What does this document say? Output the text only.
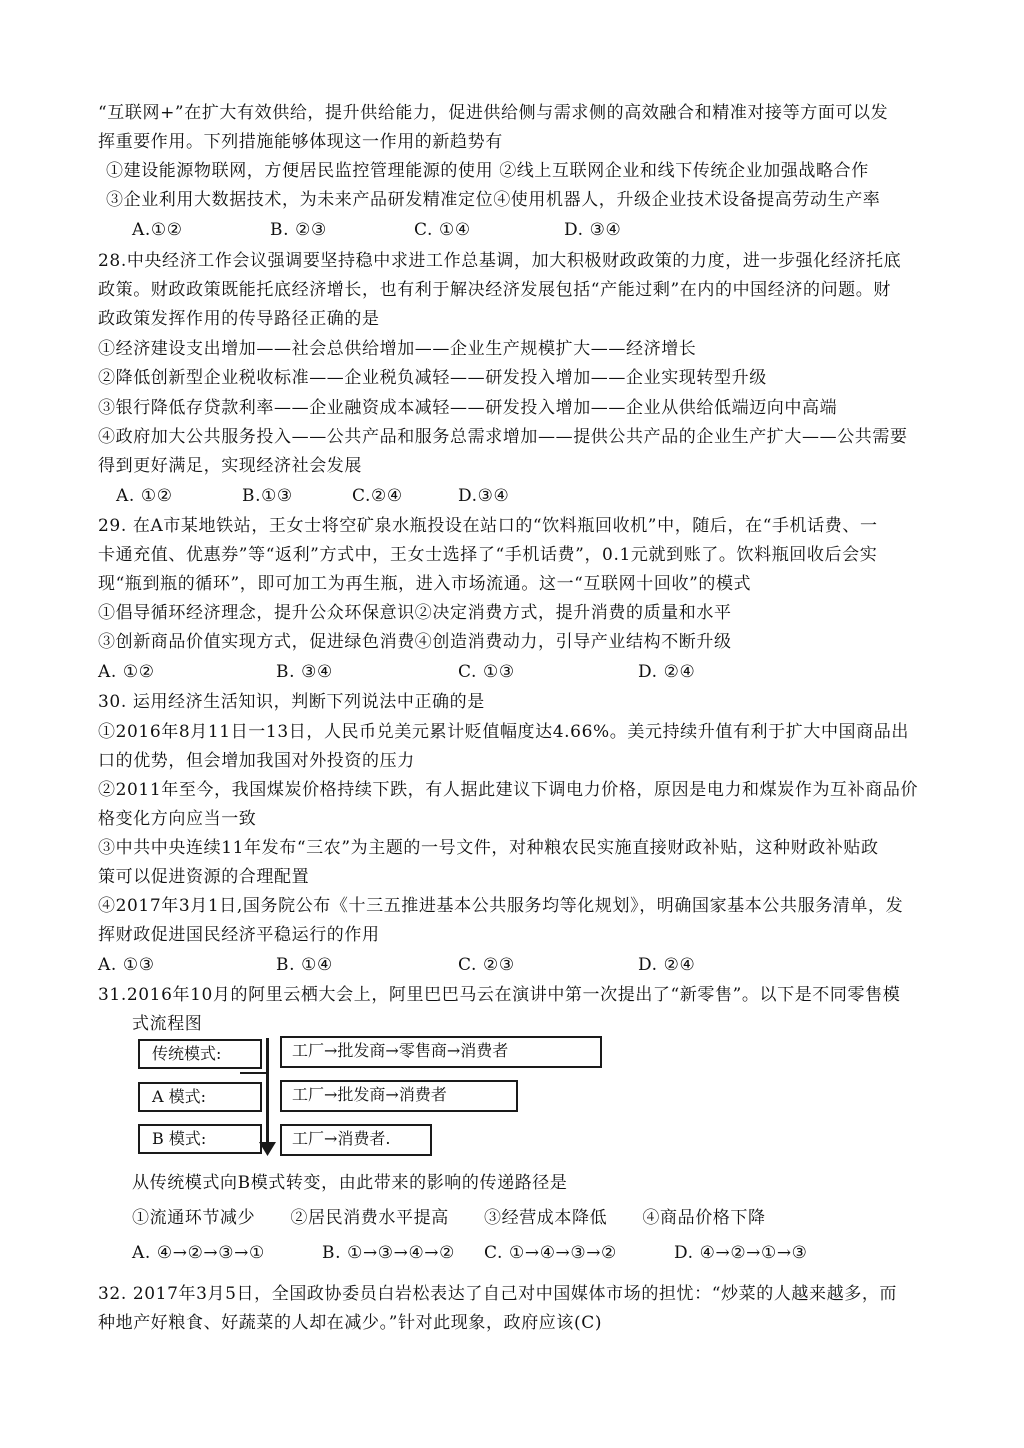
“互联网+”在扩大有效供给，提升供给能力，促进供给侧与需求侧的高效融合和精准对接等方面可以发
挥重要作用。下列措施能够体现这一作用的新趋势有
①建设能源物联网，方便居民监控管理能源的使用 ②线上互联网企业和线下传统企业加强战略合作
③企业利用大数据技术，为未来产品研发精准定位④使用机器人，升级企业技术设备提高劳动生产率
A.①②	B. ②③	C. ①④	D. ③④
28.中央经济工作会议强调要坚持稳中求进工作总基调，加大积极财政政策的力度，进一步强化经济托底
政策。财政政策既能托底经济增长，也有利于解决经济发展包括“产能过剩”在内的中国经济的问题。财
政政策发挥作用的传导路径正确的是
①经济建设支出增加——社会总供给增加——企业生产规模扩大——经济增长
②降低创新型企业税收标准——企业税负减轻——研发投入增加——企业实现转型升级
③银行降低存贷款利率——企业融资成本减轻——研发投入增加——企业从供给低端迈向中高端
④政府加大公共服务投入——公共产品和服务总需求增加——提供公共产品的企业生产扩大——公共需要
得到更好满足，实现经济社会发展
A. ①②	B.①③	C.②④	D.③④
29. 在A市某地铁站，王女士将空矿泉水瓶投设在站口的“饮料瓶回收机”中，随后，在“手机话费、一
卡通充值、优惠券”等“返利”方式中，王女士选择了“手机话费”，0.1元就到账了。饮料瓶回收后会实
现“瓶到瓶的循环”，即可加工为再生瓶，进入市场流通。这一“互联网十回收”的模式
①倡导循环经济理念，提升公众环保意识②决定消费方式，提升消费的质量和水平
③创新商品价值实现方式，促进绿色消费④创造消费动力，引导产业结构不断升级
A. ①②	B. ③④	C. ①③	D. ②④
30. 运用经济生活知识，判断下列说法中正确的是
①2016年8月11日一13日，人民币兑美元累计贬值幅度达4.66%。美元持续升值有利于扩大中国商品出
口的优势，但会增加我国对外投资的压力
②2011年至今，我国煤炭价格持续下跌，有人据此建议下调电力价格，原因是电力和煤炭作为互补商品价
格变化方向应当一致
③中共中央连续11年发布“三农”为主题的一号文件，对种粮农民实施直接财政补贴，这种财政补贴政
策可以促进资源的合理配置
④2017年3月1日,国务院公布《十三五推进基本公共服务均等化规划》，明确国家基本公共服务清单，发
挥财政促进国民经济平稳运行的作用
A. ①③	B. ①④	C. ②③	D. ②④
31.2016年10月的阿里云栖大会上，阿里巴巴马云在演讲中第一次提出了“新零售”。以下是不同零售模
式流程图
传统模式:
A 模式:
B 模式:
工厂→批发商→零售商→消费者
工厂→批发商→消费者
工厂→消费者.
从传统模式向B模式转变，由此带来的影响的传递路径是
①流通环节减少　　②居民消费水平提高　　③经营成本降低　　④商品价格下降
A. ④→②→③→①	B. ①→③→④→② C. ①→④→③→②	D. ④→②→①→③
32. 2017年3月5日，全国政协委员白岩松表达了自己对中国媒体市场的担忧：“炒菜的人越来越多，而
种地产好粮食、好蔬菜的人却在减少。”针对此现象，政府应该(C)
